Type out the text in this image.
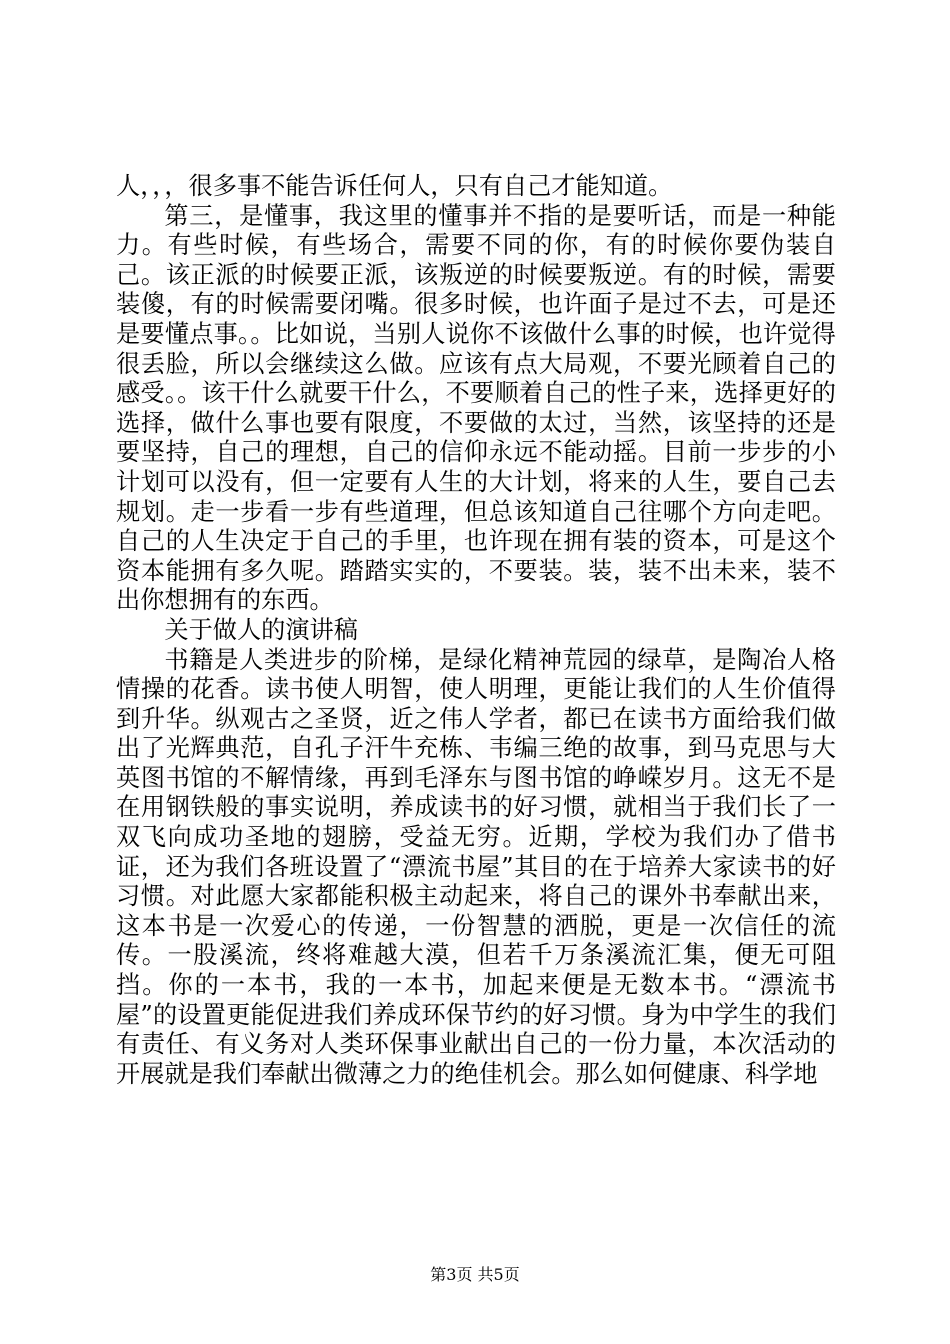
人，，，很多事不能告诉任何人，只有自己才能知道。

第三，是懂事，我这里的懂事并不指的是要听话，而是一种能力。有些时候，有些场合，需要不同的你，有的时候你要伪装自己。该正派的时候要正派，该叛逆的时候要叛逆。有的时候，需要装傻，有的时候需要闭嘴。很多时候，也许面子是过不去，可是还是要懂点事。。比如说，当别人说你不该做什么事的时候，也许觉得很丢脸，所以会继续这么做。应该有点大局观，不要光顾着自己的感受。。该干什么就要干什么，不要顺着自己的性子来，选择更好的选择，做什么事也要有限度，不要做的太过，当然，该坚持的还是要坚持，自己的理想，自己的信仰永远不能动摇。目前一步步的小计划可以没有，但一定要有人生的大计划，将来的人生，要自己去规划。走一步看一步有些道理，但总该知道自己往哪个方向走吧。自己的人生决定于自己的手里，也许现在拥有装的资本，可是这个资本能拥有多久呢。踏踏实实的，不要装。装，装不出未来，装不出你想拥有的东西。

关于做人的演讲稿

书籍是人类进步的阶梯，是绿化精神荒园的绿草，是陶冶人格情操的花香。读书使人明智，使人明理，更能让我们的人生价值得到升华。纵观古之圣贤，近之伟人学者，都已在读书方面给我们做出了光辉典范，自孔子汗牛充栋、韦编三绝的故事，到马克思与大英图书馆的不解情缘，再到毛泽东与图书馆的峥嵘岁月。这无不是在用钢铁般的事实说明，养成读书的好习惯，就相当于我们长了一双飞向成功圣地的翅膀，受益无穷。近期，学校为我们办了借书证，还为我们各班设置了“漂流书屋”其目的在于培养大家读书的好习惯。对此愿大家都能积极主动起来，将自己的课外书奉献出来，这本书是一次爱心的传递，一份智慧的洒脱，更是一次信任的流传。一股溪流，终将难越大漠，但若千万条溪流汇集，便无可阻挡。你的一本书，我的一本书，加起来便是无数本书。“漂流书屋”的设置更能促进我们养成环保节约的好习惯。身为中学生的我们有责任、有义务对人类环保事业献出自己的一份力量，本次活动的开展就是我们奉献出微薄之力的绝佳机会。那么如何健康、科学地

第3页 共5页
